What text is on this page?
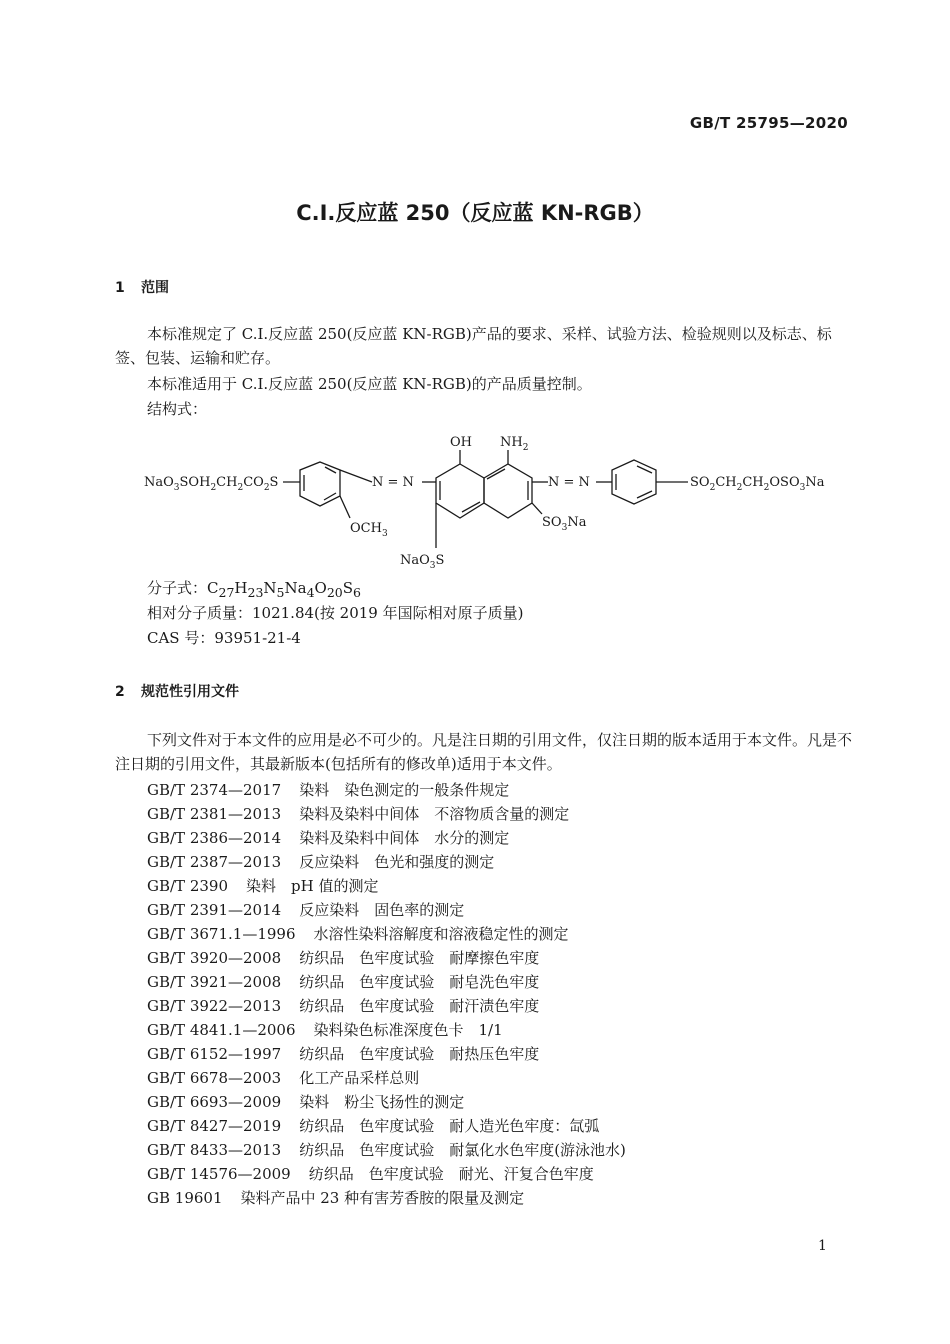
GB/T 25795—2020
C.I.反应蓝 250（反应蓝 KN-RGB）
1 范围
本标准规定了 C.I.反应蓝 250(反应蓝 KN-RGB)产品的要求、采样、试验方法、检验规则以及标志、标签、包装、运输和贮存。
本标准适用于 C.I.反应蓝 250(反应蓝 KN-RGB)的产品质量控制。
结构式：
$NaO_3SOH_2CH_2CO_2S$	N = N	N = N
OH $NH_2$
$OCH_3$
$SO_3Na$
NaO$_3$S
$SO_2CH_2CH_2OSO_3Na$
分子式：$C_{27}H_{23}N_5Na_4O_{20}S_6$
相对分子质量：1021.84(按 2019 年国际相对原子质量)
CAS 号：93951-21-4
2 规范性引用文件
下列文件对于本文件的应用是必不可少的。凡是注日期的引用文件，仅注日期的版本适用于本文件。凡是不注日期的引用文件，其最新版本(包括所有的修改单)适用于本文件。
GB/T 2374—2017 染料　染色测定的一般条件规定
GB/T 2381—2013 染料及染料中间体　不溶物质含量的测定
GB/T 2386—2014 染料及染料中间体　水分的测定
GB/T 2387—2013 反应染料　色光和强度的测定
GB/T 2390 染料　pH 值的测定
GB/T 2391—2014 反应染料　固色率的测定
GB/T 3671.1—1996 水溶性染料溶解度和溶液稳定性的测定
GB/T 3920—2008 纺织品　色牢度试验　耐摩擦色牢度
GB/T 3921—2008 纺织品　色牢度试验　耐皂洗色牢度
GB/T 3922—2013 纺织品　色牢度试验　耐汗渍色牢度
GB/T 4841.1—2006 染料染色标准深度色卡　1/1
GB/T 6152—1997 纺织品　色牢度试验　耐热压色牢度
GB/T 6678—2003 化工产品采样总则
GB/T 6693—2009 染料　粉尘飞扬性的测定
GB/T 8427—2019 纺织品　色牢度试验　耐人造光色牢度：氙弧
GB/T 8433—2013 纺织品　色牢度试验　耐氯化水色牢度(游泳池水)
GB/T 14576—2009 纺织品　色牢度试验　耐光、汗复合色牢度
GB 19601 染料产品中 23 种有害芳香胺的限量及测定
1
